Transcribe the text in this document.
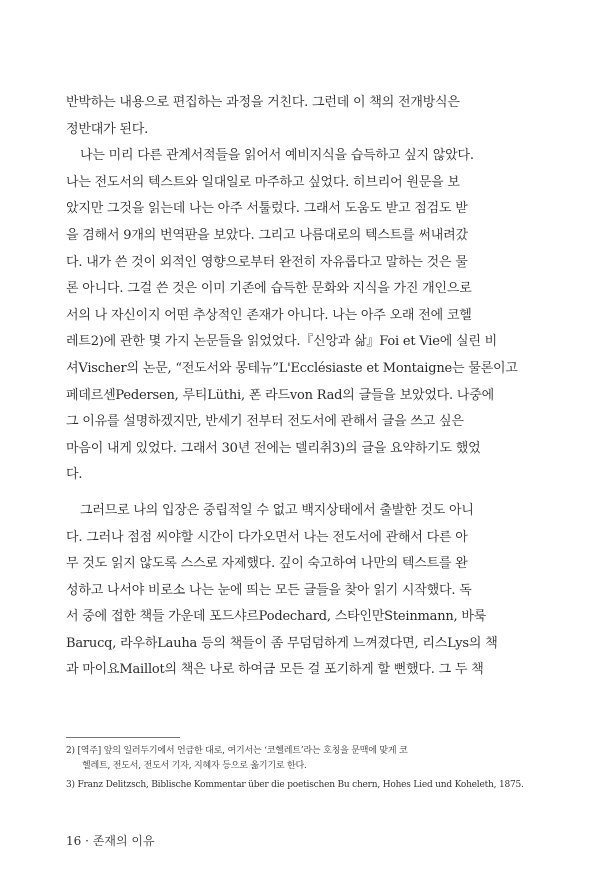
반박하는 내용으로 편집하는 과정을 거친다. 그런데 이 책의 전개방식은
정반대가 된다.
나는 미리 다른 관계서적들을 읽어서 예비지식을 습득하고 싶지 않았다.
나는 전도서의 텍스트와 일대일로 마주하고 싶었다. 히브리어 원문을 보
았지만 그것을 읽는데 나는 아주 서툴렀다. 그래서 도움도 받고 점검도 받
을 겸해서 9개의 번역판을 보았다. 그리고 나름대로의 텍스트를 써내려갔
다. 내가 쓴 것이 외적인 영향으로부터 완전히 자유롭다고 말하는 것은 물
론 아니다. 그걸 쓴 것은 이미 기존에 습득한 문화와 지식을 가진 개인으로
서의 나 자신이지 어떤 추상적인 존재가 아니다. 나는 아주 오래 전에 코헬
레트2)에 관한 몇 가지 논문들을 읽었었다.『신앙과 삶』Foi et Vie에 실린 비
셔Vischer의 논문, “전도서와 몽테뉴”L'Ecclésiaste et Montaigne는 물론이고
페데르센Pedersen, 루티Lüthi, 폰 라드von Rad의 글들을 보았었다. 나중에
그 이유를 설명하겠지만, 반세기 전부터 전도서에 관해서 글을 쓰고 싶은
마음이 내게 있었다. 그래서 30년 전에는 델리취3)의 글을 요약하기도 했었
다.
그러므로 나의 입장은 중립적일 수 없고 백지상태에서 출발한 것도 아니
다. 그러나 점점 씨야할 시간이 다가오면서 나는 전도서에 관해서 다른 아
무 것도 읽지 않도록 스스로 자제했다. 깊이 숙고하여 나만의 텍스트를 완
성하고 나서야 비로소 나는 눈에 띄는 모든 글들을 찾아 읽기 시작했다. 독
서 중에 접한 책들 가운데 포드샤르Podechard, 스타인만Steinmann, 바룩
Barucq, 라우하Lauha 등의 책들이 좀 무덤덤하게 느껴졌다면, 리스Lys의 책
과 마이요Maillot의 책은 나로 하여금 모든 걸 포기하게 할 뻔했다. 그 두 책
2) [역주] 앞의 일러두기에서 언급한 대로, 여기서는 ‘코헬레트’라는 호칭을 문맥에 맞게 코
헬레트, 전도서, 전도서 기자, 지혜자 등으로 옮기기로 한다.
3) Franz Delitzsch, Biblische Kommentar über die poetischen Bu chern, Hohes Lied und Koheleth, 1875.
16 · 존재의 이유
